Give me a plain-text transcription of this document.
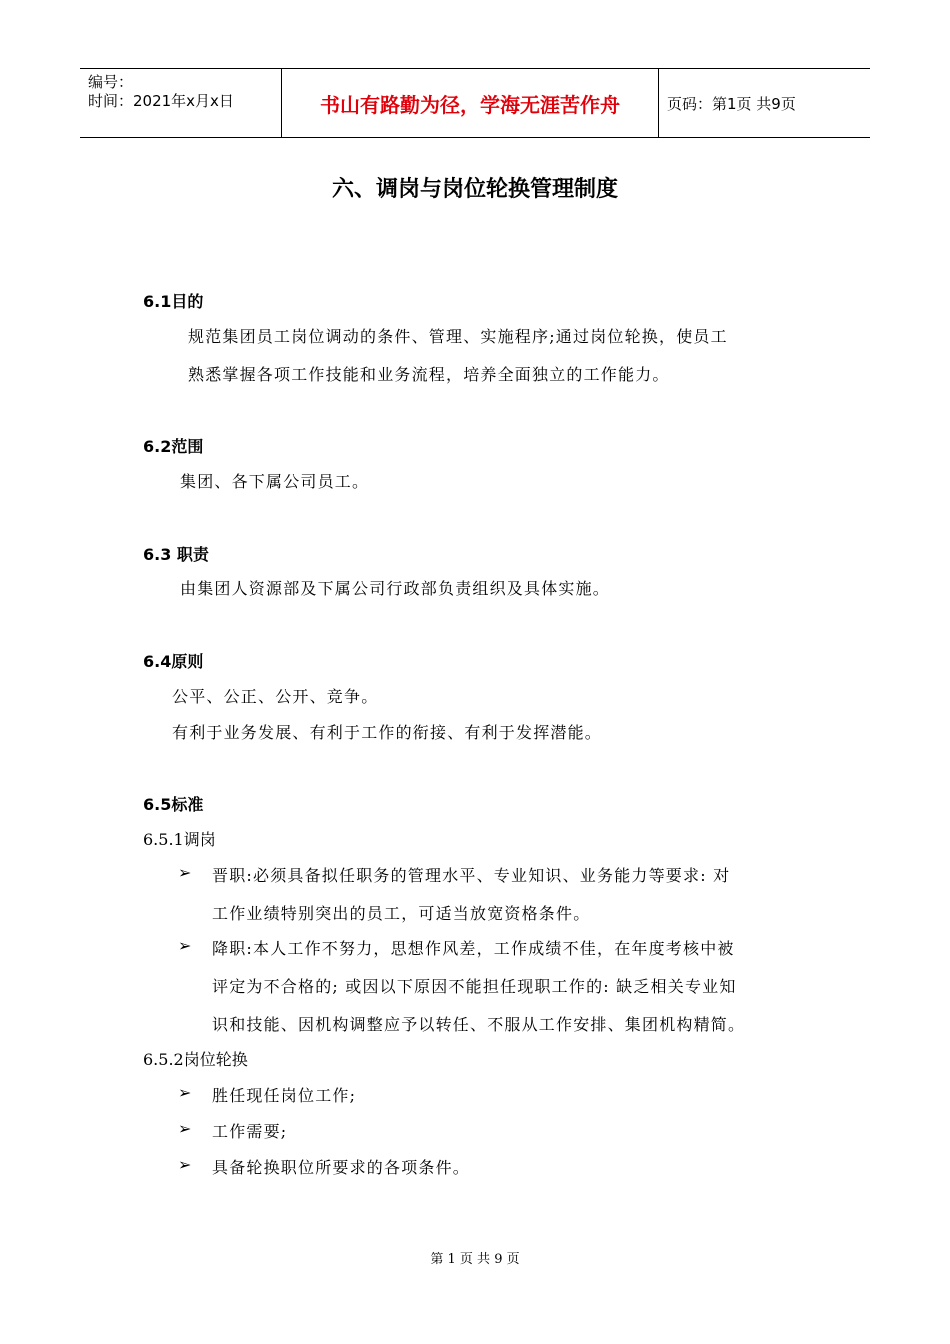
编号：
时间：2021年x月x日	书山有路勤为径，学海无涯苦作舟	页码：第1页 共9页
六、调岗与岗位轮换管理制度
6.1目的
规范集团员工岗位调动的条件、管理、实施程序;通过岗位轮换，使员工
熟悉掌握各项工作技能和业务流程，培养全面独立的工作能力。
6.2范围
集团、各下属公司员工。
6.3 职责
由集团人资源部及下属公司行政部负责组织及具体实施。
6.4原则
公平、公正、公开、竞争。
有利于业务发展、有利于工作的衔接、有利于发挥潜能。
6.5标准
6.5.1调岗
➢ 晋职:必须具备拟任职务的管理水平、专业知识、业务能力等要求: 对
工作业绩特别突出的员工，可适当放宽资格条件。
➢ 降职:本人工作不努力，思想作风差，工作成绩不佳，在年度考核中被
评定为不合格的; 或因以下原因不能担任现职工作的: 缺乏相关专业知
识和技能、因机构调整应予以转任、不服从工作安排、集团机构精简。
6.5.2岗位轮换
➢ 胜任现任岗位工作;
➢ 工作需要;
➢ 具备轮换职位所要求的各项条件。
第 1 页 共 9 页
